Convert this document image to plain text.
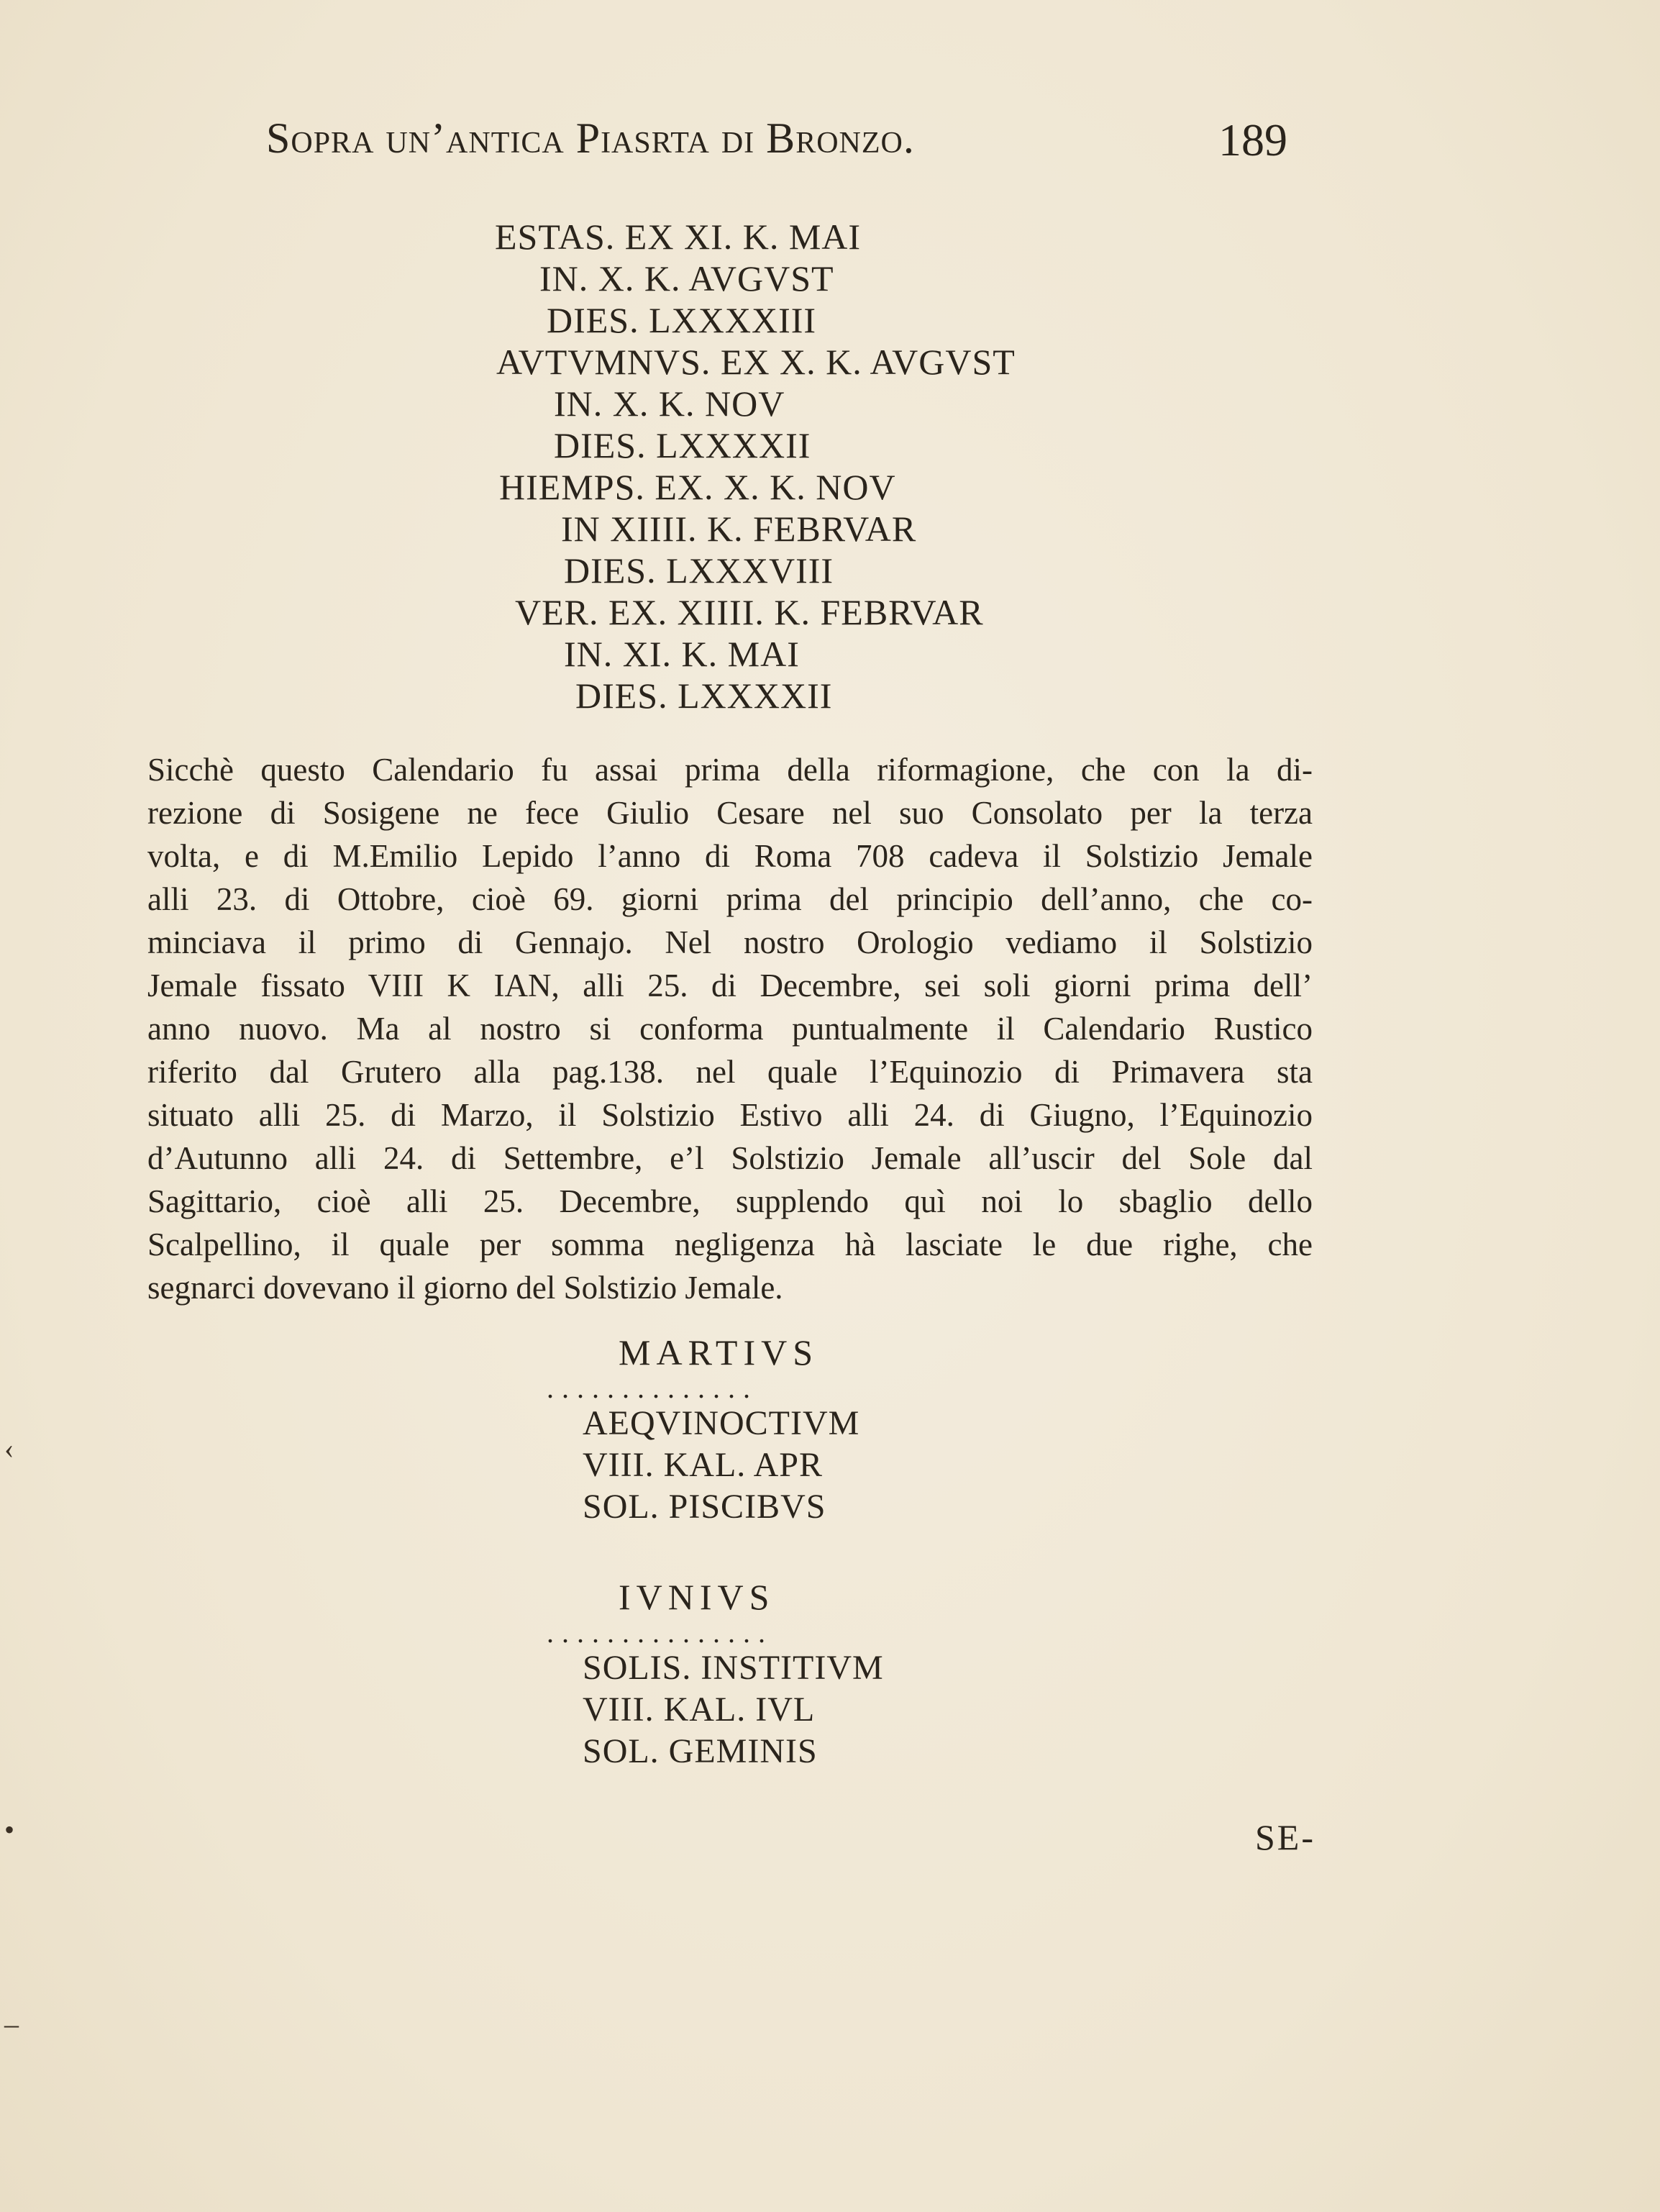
Sopra un’antica Piasrta di Bronzo.	189
ESTAS. EX XI. K. MAI
IN. X. K. AVGVST
DIES. LXXXXIII
AVTVMNVS. EX X. K. AVGVST
IN. X. K. NOV
DIES. LXXXXII
HIEMPS. EX. X. K. NOV
IN XIIII. K. FEBRVAR
DIES. LXXXVIII
VER. EX. XIIII. K. FEBRVAR
IN. XI. K. MAI
DIES. LXXXXII
Sicchè questo Calendario fu assai prima della riformagione, che con la di-
rezione di Sosigene ne fece Giulio Cesare nel suo Consolato per la terza
volta, e di M.Emilio Lepido l’anno di Roma 708 cadeva il Solstizio Jemale
alli 23. di Ottobre, cioè 69. giorni prima del principio dell’anno, che co-
minciava il primo di Gennajo. Nel nostro Orologio vediamo il Solstizio
Jemale fissato VIII K IAN, alli 25. di Decembre, sei soli giorni prima dell’
anno nuovo. Ma al nostro si conforma puntualmente il Calendario Rustico
riferito dal Grutero alla pag.138. nel quale l’Equinozio di Primavera sta
situato alli 25. di Marzo, il Solstizio Estivo alli 24. di Giugno, l’Equinozio
d’Autunno alli 24. di Settembre, e’l Solstizio Jemale all’uscir del Sole dal
Sagittario, cioè alli 25. Decembre, supplendo quì noi lo sbaglio dello
Scalpellino, il quale per somma negligenza hà lasciate le due righe, che
segnarci dovevano il giorno del Solstizio Jemale.
MARTIVS
..............
AEQVINOCTIVM
VIII. KAL. APR
SOL. PISCIBVS
IVNIVS
...............
SOLIS. INSTITIVM
VIII. KAL. IVL
SOL. GEMINIS
SE-
‹
•
–
